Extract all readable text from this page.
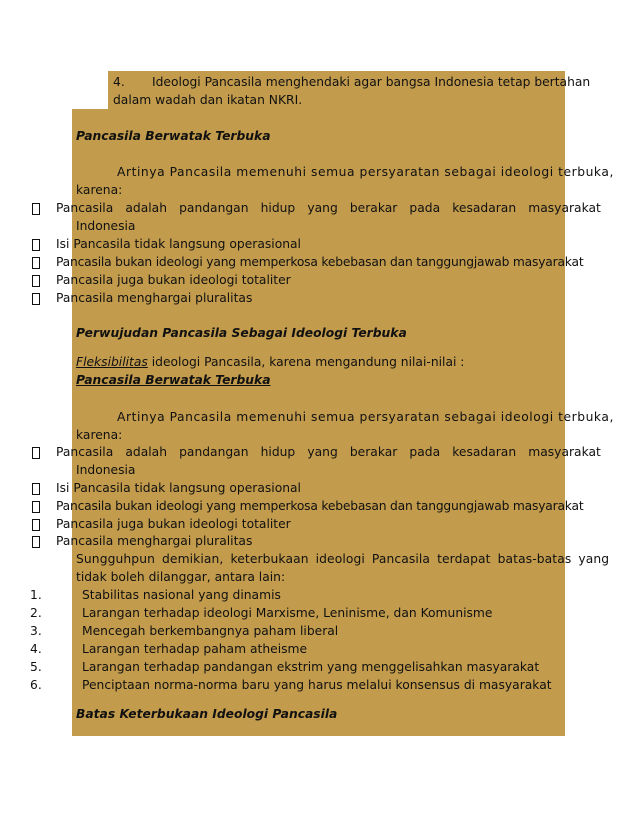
4. Ideologi Pancasila menghendaki agar bangsa Indonesia tetap bertahan
dalam wadah dan ikatan NKRI.
Pancasila Berwatak Terbuka
Artinya Pancasila memenuhi semua persyaratan sebagai ideologi terbuka,
karena:
Pancasila adalah pandangan hidup yang berakar pada kesadaran masyarakat
Indonesia
Isi Pancasila tidak langsung operasional
Pancasila bukan ideologi yang memperkosa kebebasan dan tanggungjawab masyarakat
Pancasila juga bukan ideologi totaliter
Pancasila menghargai pluralitas
Perwujudan Pancasila Sebagai Ideologi Terbuka
Fleksibilitas ideologi Pancasila, karena mengandung nilai-nilai :
Pancasila Berwatak Terbuka
Artinya Pancasila memenuhi semua persyaratan sebagai ideologi terbuka,
karena:
Pancasila adalah pandangan hidup yang berakar pada kesadaran masyarakat
Indonesia
Isi Pancasila tidak langsung operasional
Pancasila bukan ideologi yang memperkosa kebebasan dan tanggungjawab masyarakat
Pancasila juga bukan ideologi totaliter
Pancasila menghargai pluralitas
Sungguhpun demikian, keterbukaan ideologi Pancasila terdapat batas-batas yang
tidak boleh dilanggar, antara lain:
1.	Stabilitas nasional yang dinamis
2.	Larangan terhadap ideologi Marxisme, Leninisme, dan Komunisme
3.	Mencegah berkembangnya paham liberal
4.	Larangan terhadap paham atheisme
5.	Larangan terhadap pandangan ekstrim yang menggelisahkan masyarakat
6.	Penciptaan norma-norma baru yang harus melalui konsensus di masyarakat
Batas Keterbukaan Ideologi Pancasila
